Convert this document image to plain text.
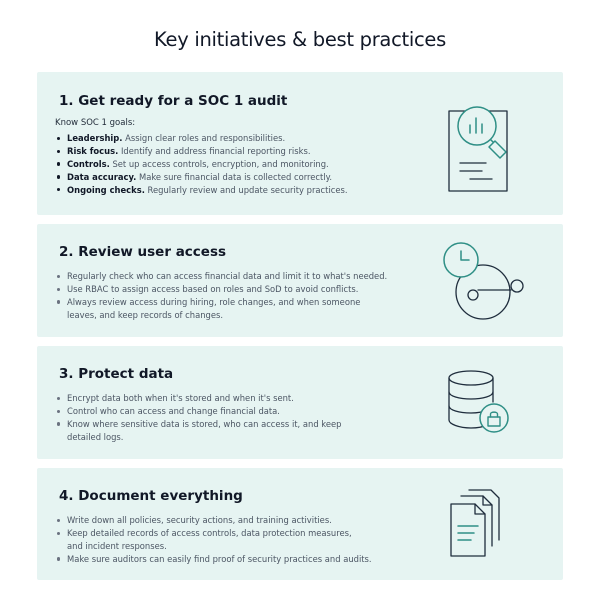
Key initiatives & best practices
1. Get ready for a SOC 1 audit
Know SOC 1 goals:
Leadership. Assign clear roles and responsibilities.
Risk focus. Identify and address financial reporting risks.
Controls. Set up access controls, encryption, and monitoring.
Data accuracy. Make sure financial data is collected correctly.
Ongoing checks. Regularly review and update security practices.
2. Review user access
Regularly check who can access financial data and limit it to what's needed.
Use RBAC to assign access based on roles and SoD to avoid conflicts.
Always review access during hiring, role changes, and when someone leaves, and keep records of changes.
3. Protect data
Encrypt data both when it's stored and when it's sent.
Control who can access and change financial data.
Know where sensitive data is stored, who can access it, and keep detailed logs.
4. Document everything
Write down all policies, security actions, and training activities.
Keep detailed records of access controls, data protection measures, and incident responses.
Make sure auditors can easily find proof of security practices and audits.
